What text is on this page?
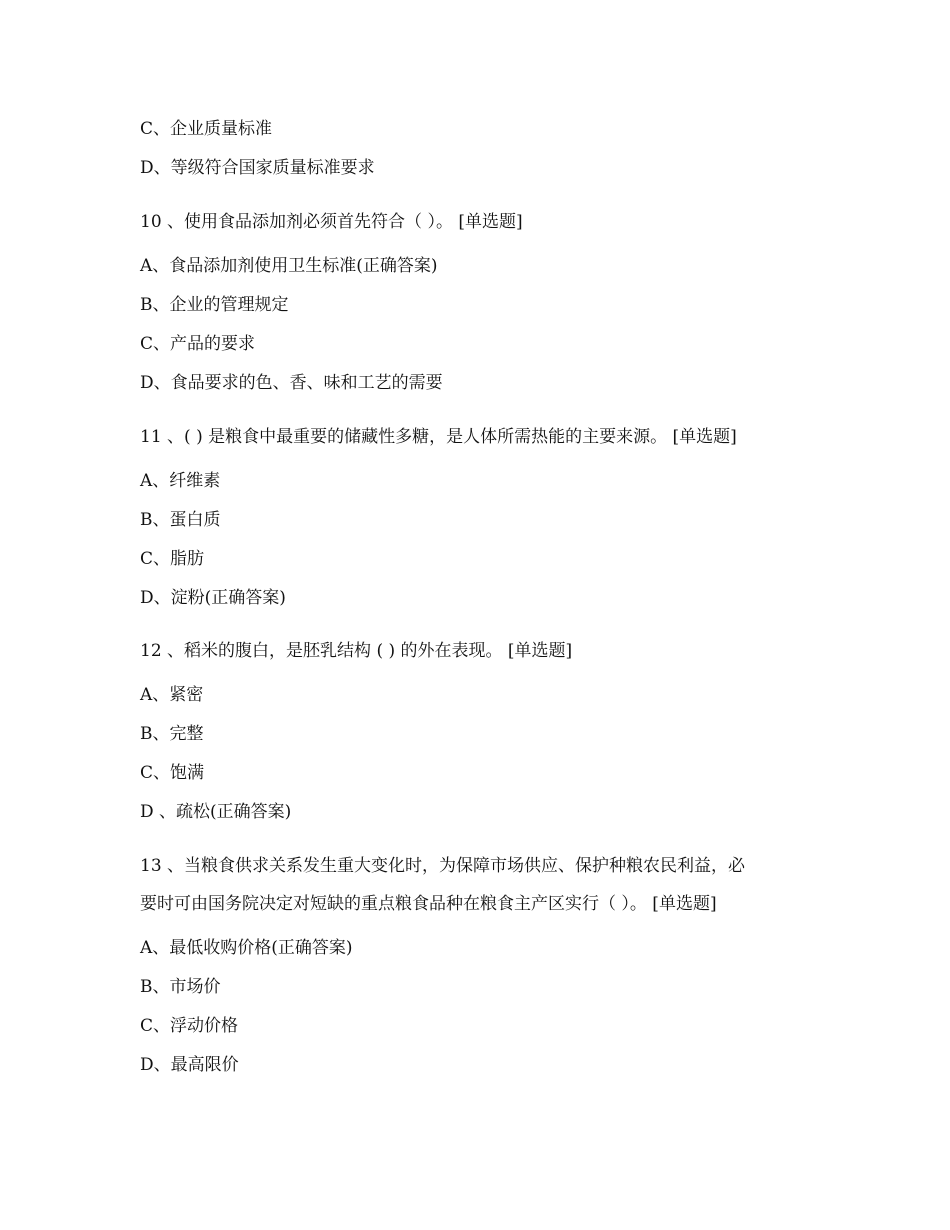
C、企业质量标准
D、等级符合国家质量标准要求
10 、使用食品添加剂必须首先符合（ ）。 [单选题]
A、食品添加剂使用卫生标准(正确答案)
B、企业的管理规定
C、产品的要求
D、食品要求的色、香、味和工艺的需要
11 、( ) 是粮食中最重要的储藏性多糖，是人体所需热能的主要来源。 [单选题]
A、纤维素
B、蛋白质
C、脂肪
D、淀粉(正确答案)
12 、稻米的腹白，是胚乳结构 ( ) 的外在表现。 [单选题]
A、紧密
B、完整
C、饱满
D 、疏松(正确答案)
13 、当粮食供求关系发生重大变化时，为保障市场供应、保护种粮农民利益，必
要时可由国务院决定对短缺的重点粮食品种在粮食主产区实行（ ）。 [单选题]
A、最低收购价格(正确答案)
B、市场价
C、浮动价格
D、最高限价
